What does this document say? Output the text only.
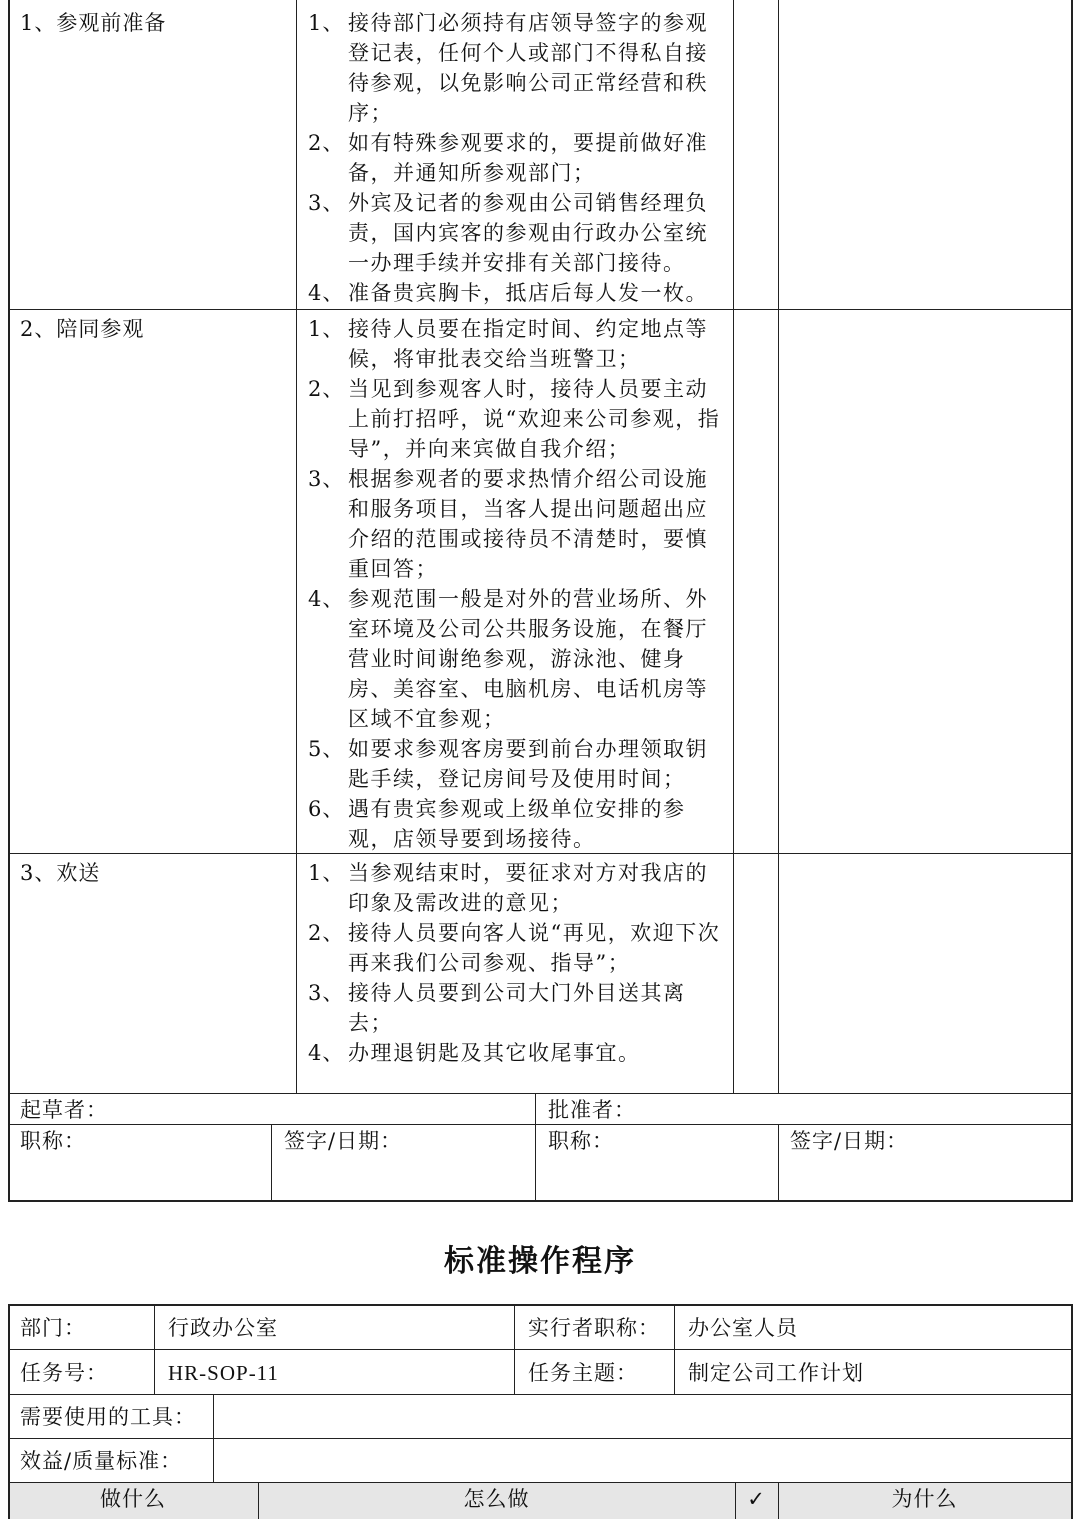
1、参观前准备	1、 接待部门必须持有店领导签字的参观登记表，任何个人或部门不得私自接待参观，以免影响公司正常经营和秩序；
2、 如有特殊参观要求的，要提前做好准备，并通知所参观部门；
3、 外宾及记者的参观由公司销售经理负责，国内宾客的参观由行政办公室统一办理手续并安排有关部门接待。
4、 准备贵宾胸卡，抵店后每人发一枚。
2、陪同参观	1、 接待人员要在指定时间、约定地点等候，将审批表交给当班警卫；
2、 当见到参观客人时，接待人员要主动上前打招呼，说“欢迎来公司参观，指导”，并向来宾做自我介绍；
3、 根据参观者的要求热情介绍公司设施和服务项目，当客人提出问题超出应介绍的范围或接待员不清楚时，要慎重回答；
4、 参观范围一般是对外的营业场所、外室环境及公司公共服务设施，在餐厅营业时间谢绝参观，游泳池、健身房、美容室、电脑机房、电话机房等区域不宜参观；
5、 如要求参观客房要到前台办理领取钥匙手续，登记房间号及使用时间；
6、 遇有贵宾参观或上级单位安排的参观，店领导要到场接待。
3、欢送	1、 当参观结束时，要征求对方对我店的印象及需改进的意见；
2、 接待人员要向客人说“再见，欢迎下次再来我们公司参观、指导”；
3、 接待人员要到公司大门外目送其离去；
4、 办理退钥匙及其它收尾事宜。
起草者：	批准者：
职称：	签字/日期：	职称：	签字/日期：
标准操作程序
部门：	行政办公室	实行者职称： 办公室人员
任务号：	HR-SOP-11	任务主题： 制定公司工作计划
需要使用的工具：
效益/质量标准：
做什么	怎么做	✓	为什么
